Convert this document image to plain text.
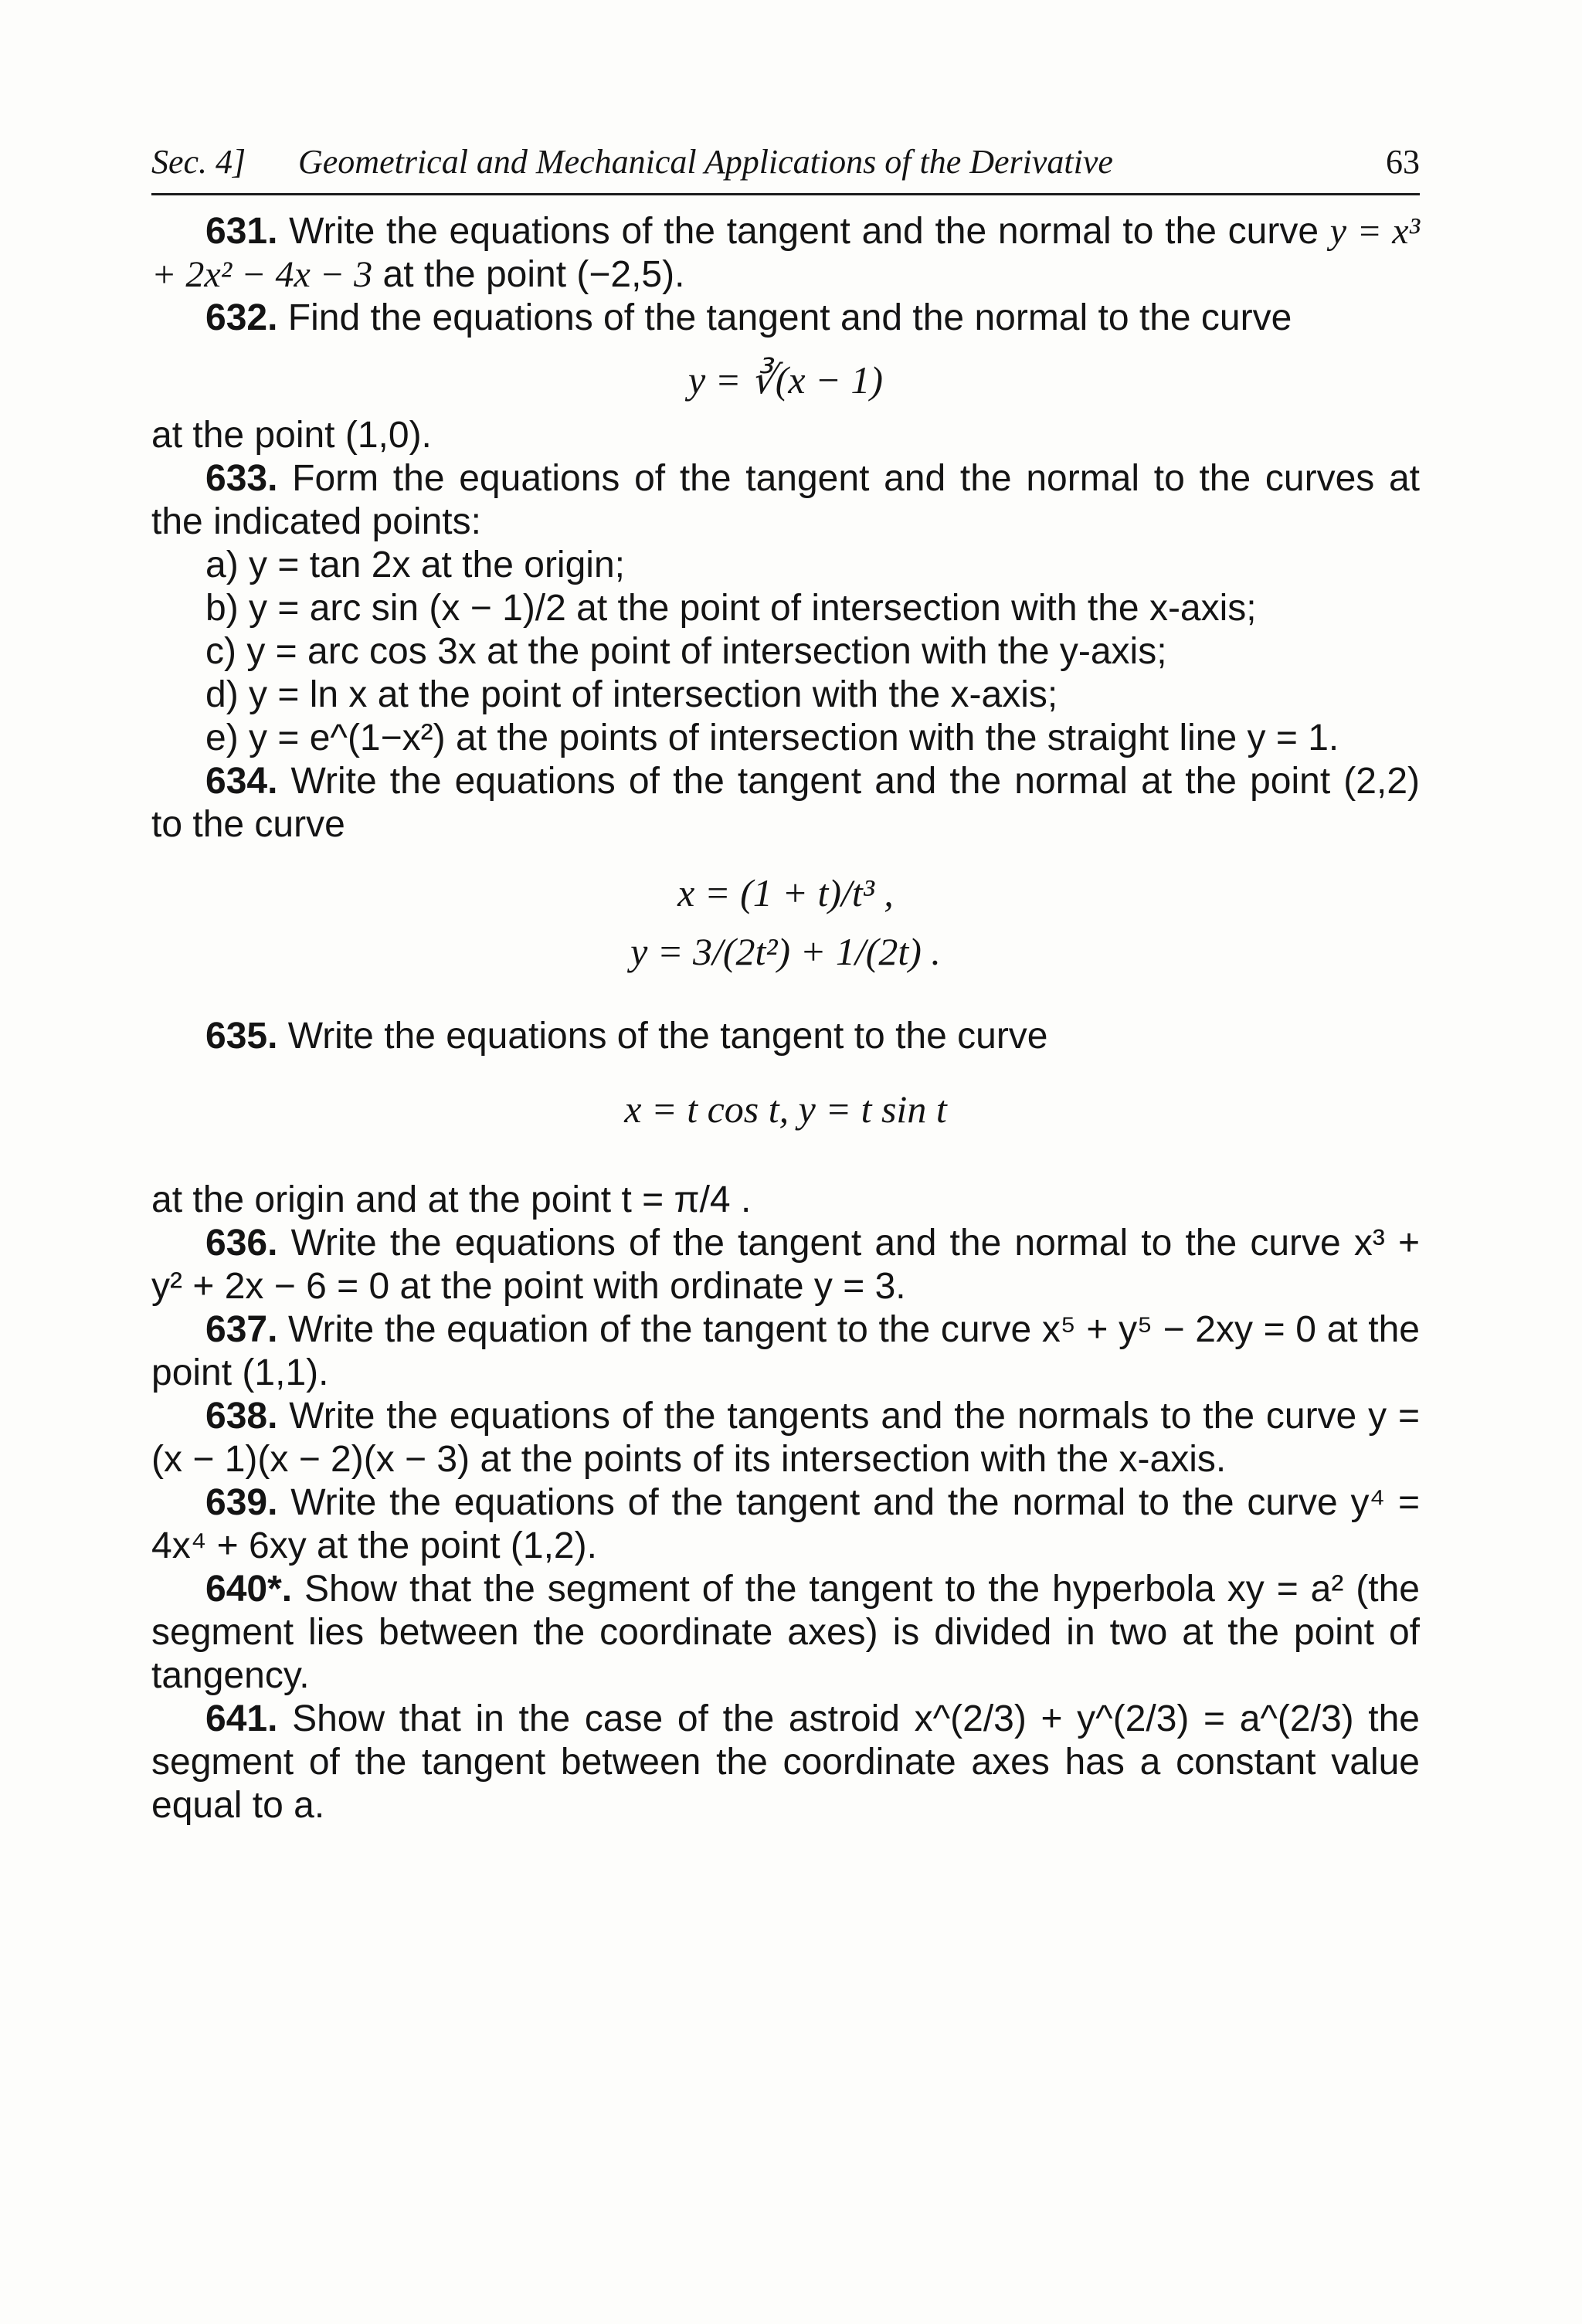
Sec. 4] Geometrical and Mechanical Applications of the Derivative	63

631. Write the equations of the tangent and the normal to the curve y = x³ + 2x² − 4x − 3 at the point (−2,5).

632. Find the equations of the tangent and the normal to the curve

y = ∛(x − 1)

at the point (1,0).

633. Form the equations of the tangent and the normal to the curves at the indicated points:

a) y = tan 2x at the origin;

b) y = arc sin (x − 1)/2 at the point of intersection with the x-axis;

c) y = arc cos 3x at the point of intersection with the y-axis;

d) y = ln x at the point of intersection with the x-axis;

e) y = e^(1−x²) at the points of intersection with the straight line y = 1.

634. Write the equations of the tangent and the normal at the point (2,2) to the curve

x = (1 + t)/t³ ,

y = 3/(2t²) + 1/(2t) .

635. Write the equations of the tangent to the curve

x = t cos t, y = t sin t

at the origin and at the point t = π/4 .

636. Write the equations of the tangent and the normal to the curve x³ + y² + 2x − 6 = 0 at the point with ordinate y = 3.

637. Write the equation of the tangent to the curve x⁵ + y⁵ − 2xy = 0 at the point (1,1).

638. Write the equations of the tangents and the normals to the curve y = (x − 1)(x − 2)(x − 3) at the points of its intersection with the x-axis.

639. Write the equations of the tangent and the normal to the curve y⁴ = 4x⁴ + 6xy at the point (1,2).

640*. Show that the segment of the tangent to the hyperbola xy = a² (the segment lies between the coordinate axes) is divided in two at the point of tangency.

641. Show that in the case of the astroid x^(2/3) + y^(2/3) = a^(2/3) the segment of the tangent between the coordinate axes has a constant value equal to a.
